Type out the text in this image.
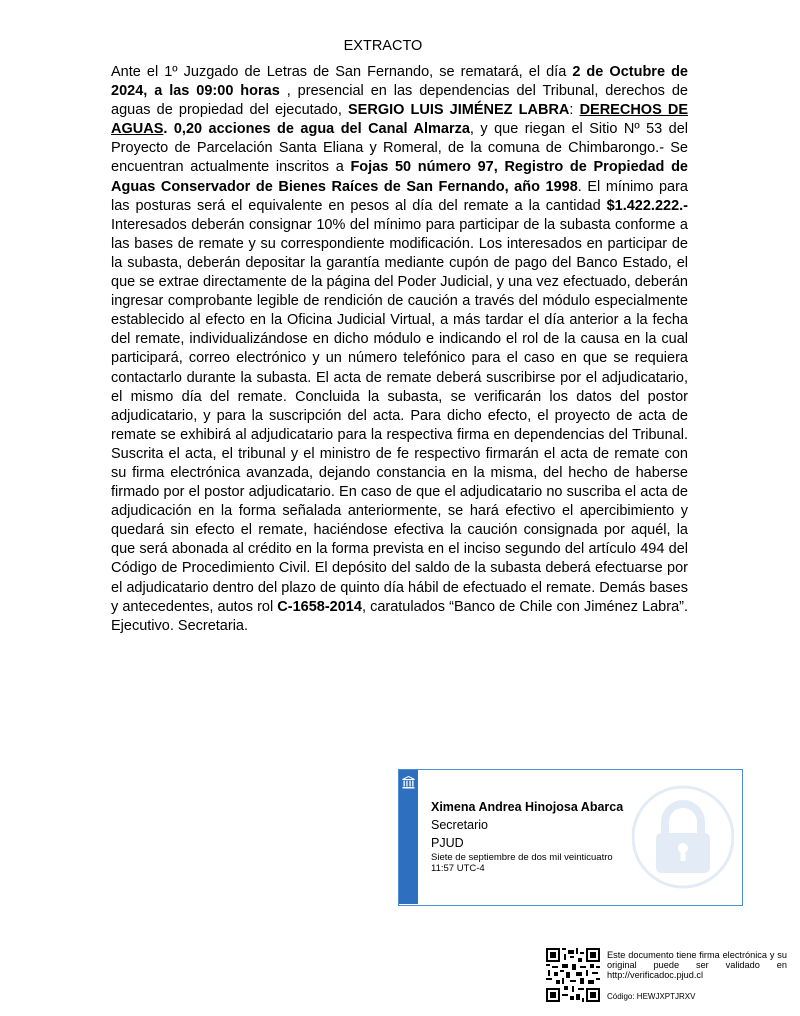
EXTRACTO

Ante el 1º Juzgado de Letras de San Fernando, se rematará, el día 2 de Octubre de 2024, a las 09:00 horas , presencial en las dependencias del Tribunal, derechos de aguas de propiedad del ejecutado, SERGIO LUIS JIMÉNEZ LABRA: DERECHOS DE AGUAS. 0,20 acciones de agua del Canal Almarza, y que riegan el Sitio Nº 53 del Proyecto de Parcelación Santa Eliana y Romeral, de la comuna de Chimbarongo.- Se encuentran actualmente inscritos a Fojas 50 número 97, Registro de Propiedad de Aguas Conservador de Bienes Raíces de San Fernando, año 1998. El mínimo para las posturas será el equivalente en pesos al día del remate a la cantidad $1.422.222.- Interesados deberán consignar 10% del mínimo para participar de la subasta conforme a las bases de remate y su correspondiente modificación. Los interesados en participar de la subasta, deberán depositar la garantía mediante cupón de pago del Banco Estado, el que se extrae directamente de la página del Poder Judicial, y una vez efectuado, deberán ingresar comprobante legible de rendición de caución a través del módulo especialmente establecido al efecto en la Oficina Judicial Virtual, a más tardar el día anterior a la fecha del remate, individualizándose en dicho módulo e indicando el rol de la causa en la cual participará, correo electrónico y un número telefónico para el caso en que se requiera contactarlo durante la subasta. El acta de remate deberá suscribirse por el adjudicatario, el mismo día del remate. Concluida la subasta, se verificarán los datos del postor adjudicatario, y para la suscripción del acta. Para dicho efecto, el proyecto de acta de remate se exhibirá al adjudicatario para la respectiva firma en dependencias del Tribunal. Suscrita el acta, el tribunal y el ministro de fe respectivo firmarán el acta de remate con su firma electrónica avanzada, dejando constancia en la misma, del hecho de haberse firmado por el postor adjudicatario. En caso de que el adjudicatario no suscriba el acta de adjudicación en la forma señalada anteriormente, se hará efectivo el apercibimiento y quedará sin efecto el remate, haciéndose efectiva la caución consignada por aquél, la que será abonada al crédito en la forma prevista en el inciso segundo del artículo 494 del Código de Procedimiento Civil. El depósito del saldo de la subasta deberá efectuarse por el adjudicatario dentro del plazo de quinto día hábil de efectuado el remate. Demás bases y antecedentes, autos rol C-1658-2014, caratulados “Banco de Chile con Jiménez Labra”. Ejecutivo. Secretaria.

Ximena Andrea Hinojosa Abarca
Secretario
PJUD
Siete de septiembre de dos mil veinticuatro
11:57 UTC-4
Este documento tiene firma electrónica y su original puede ser validado en http://verificadoc.pjud.cl
Código: HEWJXPTJRXV
